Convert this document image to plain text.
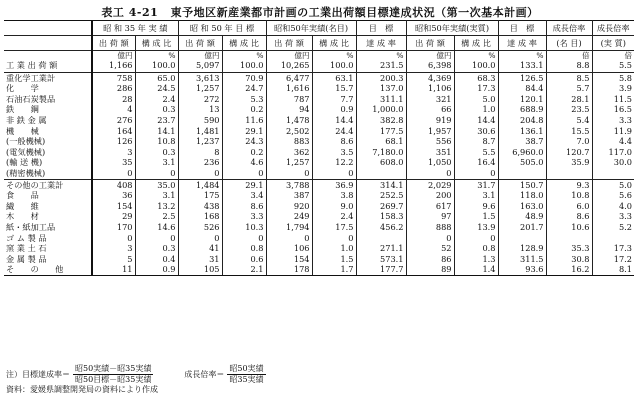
表工 4-21 東予地区新産業都市計画の工業出荷額目標達成状況（第一次基本計画）
	昭 和 35 年 実 績		昭 和 50 年 目 標		昭和50年実績(名目)		目　標	昭和50年実績(実質)		目　標	成長倍率	成長倍率
	出 荷 額	構 成 比	出 荷 額	構 成 比	出 荷 額	構 成 比	達 成 率	出 荷 額	構 成 比	達 成 率	(名 目)	(実 質)
	億円	%	億円	%	億円	%	%	億円	%	%	倍	倍
工 業 出 荷 額	1,166	100.0	5,097	100.0	10,265	100.0	231.5	6,398	100.0	133.1	8.8	5.5
重化学工業計	758	65.0	3,613	70.9	6,477	63.1	200.3	4,369	68.3	126.5	8.5	5.8
化　　学	286	24.5	1,257	24.7	1,616	15.7	137.0	1,106	17.3	84.4	5.7	3.9
石油石炭製品	28	2.4	272	5.3	787	7.7	311.1	321	5.0	120.1	28.1	11.5
鉄　　鋼	4	0.3	13	0.2	94	0.9	1,000.0	66	1.0	688.9	23.5	16.5
非 鉄 金 属	276	23.7	590	11.6	1,478	14.4	382.8	919	14.4	204.8	5.4	3.3
機　　械	164	14.1	1,481	29.1	2,502	24.4	177.5	1,957	30.6	136.1	15.5	11.9
(一般機械)	126	10.8	1,237	24.3	883	8.6	68.1	556	8.7	38.7	7.0	4.4
(電気機械)	3	0.3	8	0.2	362	3.5	7,180.0	351	5.5	6,960.0	120.7	117.0
(輸 送 機)	35	3.1	236	4.6	1,257	12.2	608.0	1,050	16.4	505.0	35.9	30.0
(精密機械)	0	0	0	0	0	0		0	0			
その他の工業計	408	35.0	1,484	29.1	3,788	36.9	314.1	2,029	31.7	150.7	9.3	5.0
食　　品	36	3.1	175	3.4	387	3.8	252.5	200	3.1	118.0	10.8	5.6
繊　　維	154	13.2	438	8.6	920	9.0	269.7	617	9.6	163.0	6.0	4.0
木　　材	29	2.5	168	3.3	249	2.4	158.3	97	1.5	48.9	8.6	3.3
紙・紙加工品	170	14.6	526	10.3	1,794	17.5	456.2	888	13.9	201.7	10.6	5.2
ゴ ム 製 品	0	0	0	0	0	0		0	0			
窯 業 土 石	3	0.3	41	0.8	106	1.0	271.1	52	0.8	128.9	35.3	17.3
金 属 製 品	5	0.4	31	0.6	154	1.5	573.1	86	1.3	311.5	30.8	17.2
そ　　の　　他	11	0.9	105	2.1	178	1.7	177.7	89	1.4	93.6	16.2	8.1
注）目標達成率＝ $\frac{\text{昭50実績－昭35実績}}{\text{昭50目標－昭35実績}}$	成長倍率＝ $\frac{\text{昭50実績}}{\text{昭35実績}}$
資料：愛媛県調整開発局の資料により作成
